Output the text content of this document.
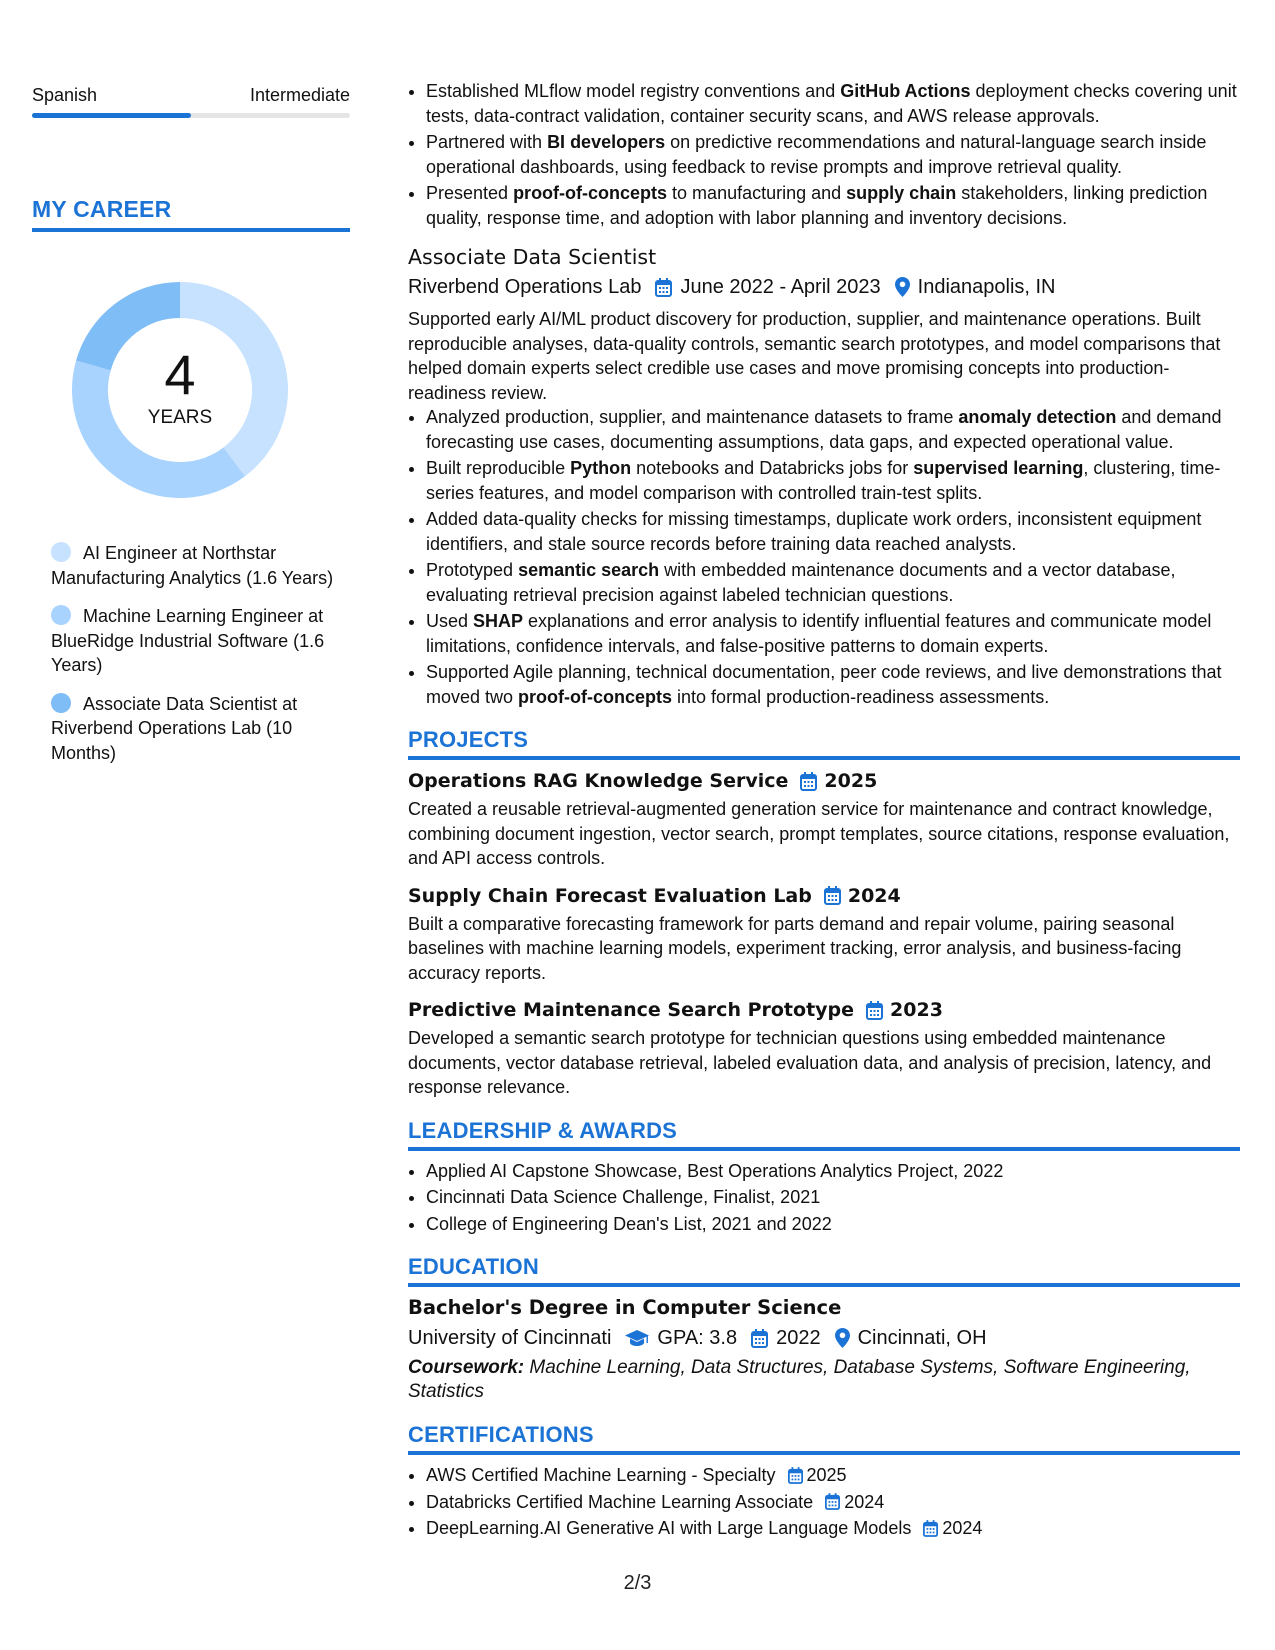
Spanish	Intermediate
MY CAREER
4
YEARS
AI Engineer at Northstar Manufacturing Analytics (1.6 Years)
Machine Learning Engineer at BlueRidge Industrial Software (1.6 Years)
Associate Data Scientist at Riverbend Operations Lab (10 Months)
• Established MLflow model registry conventions and GitHub Actions deployment checks covering unit tests, data-contract validation, container security scans, and AWS release approvals.
• Partnered with BI developers on predictive recommendations and natural-language search inside operational dashboards, using feedback to revise prompts and improve retrieval quality.
• Presented proof-of-concepts to manufacturing and supply chain stakeholders, linking prediction quality, response time, and adoption with labor planning and inventory decisions.
Associate Data Scientist
Riverbend Operations Lab June 2022 - April 2023 Indianapolis, IN

Supported early AI/ML product discovery for production, supplier, and maintenance operations. Built reproducible analyses, data-quality controls, semantic search prototypes, and model comparisons that helped domain experts select credible use cases and move promising concepts into production-readiness review.

• Analyzed production, supplier, and maintenance datasets to frame anomaly detection and demand forecasting use cases, documenting assumptions, data gaps, and expected operational value.
• Built reproducible Python notebooks and Databricks jobs for supervised learning, clustering, time-series features, and model comparison with controlled train-test splits.
• Added data-quality checks for missing timestamps, duplicate work orders, inconsistent equipment identifiers, and stale source records before training data reached analysts.
• Prototyped semantic search with embedded maintenance documents and a vector database, evaluating retrieval precision against labeled technician questions.
• Used SHAP explanations and error analysis to identify influential features and communicate model limitations, confidence intervals, and false-positive patterns to domain experts.
• Supported Agile planning, technical documentation, peer code reviews, and live demonstrations that moved two proof-of-concepts into formal production-readiness assessments.
PROJECTS
Operations RAG Knowledge Service 2025

Created a reusable retrieval-augmented generation service for maintenance and contract knowledge, combining document ingestion, vector search, prompt templates, source citations, response evaluation, and API access controls.

Supply Chain Forecast Evaluation Lab 2024

Built a comparative forecasting framework for parts demand and repair volume, pairing seasonal baselines with machine learning models, experiment tracking, error analysis, and business-facing accuracy reports.

Predictive Maintenance Search Prototype 2023

Developed a semantic search prototype for technician questions using embedded maintenance documents, vector database retrieval, labeled evaluation data, and analysis of precision, latency, and response relevance.

LEADERSHIP & AWARDS
• Applied AI Capstone Showcase, Best Operations Analytics Project, 2022
• Cincinnati Data Science Challenge, Finalist, 2021
• College of Engineering Dean's List, 2021 and 2022
EDUCATION
Bachelor's Degree in Computer Science
University of Cincinnati GPA: 3.8 2022 Cincinnati, OH

Coursework: Machine Learning, Data Structures, Database Systems, Software Engineering, Statistics

CERTIFICATIONS
• AWS Certified Machine Learning - Specialty 2025
• Databricks Certified Machine Learning Associate 2024
• DeepLearning.AI Generative AI with Large Language Models 2024
2/3
